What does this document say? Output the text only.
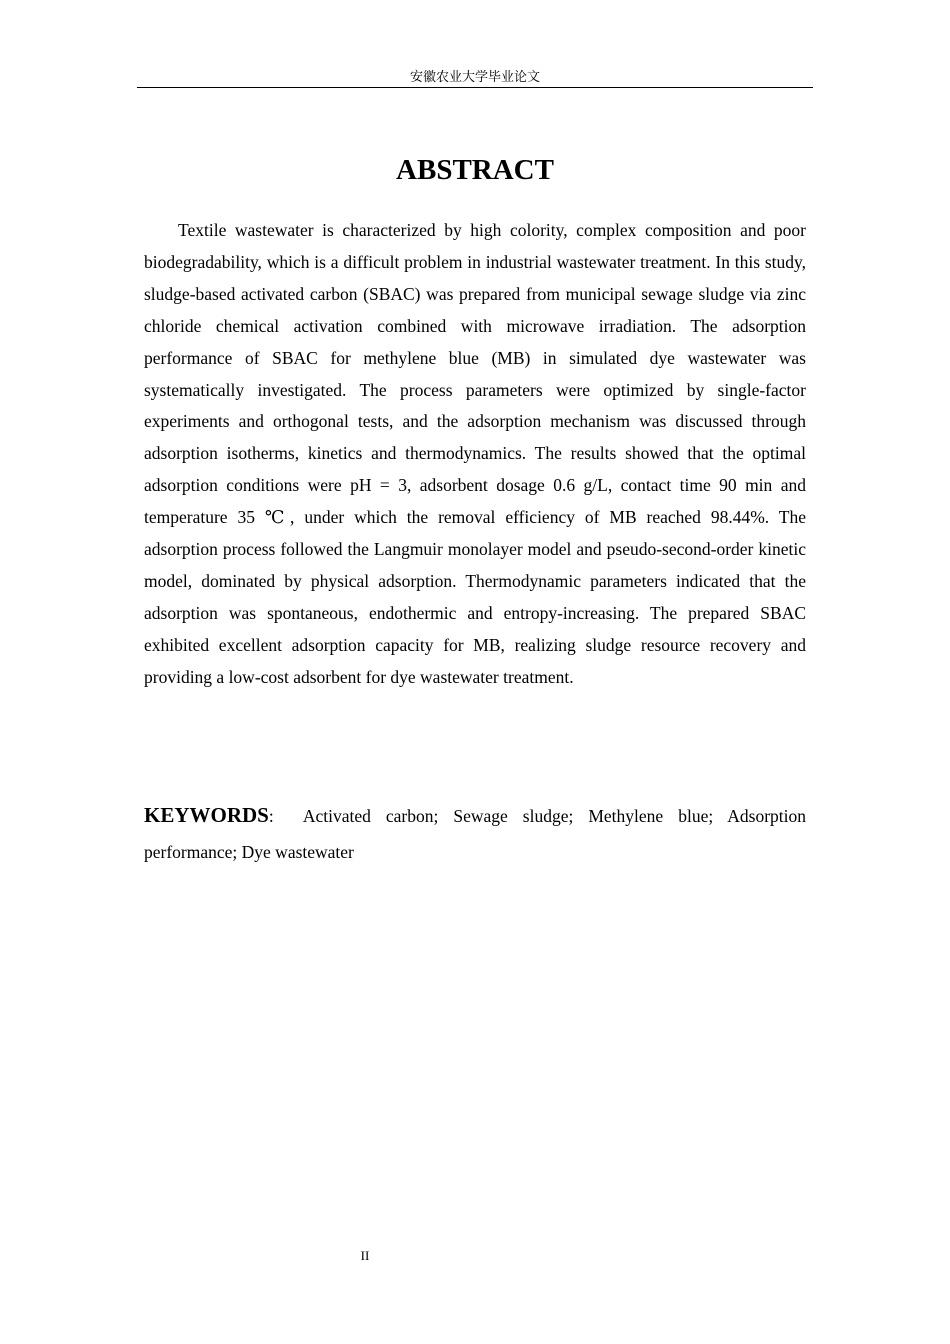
安徽农业大学毕业论文
ABSTRACT

Textile wastewater is characterized by high colority, complex composition and poor biodegradability, which is a difficult problem in industrial wastewater treatment. In this study, sludge-based activated carbon (SBAC) was prepared from municipal sewage sludge via zinc chloride chemical activation combined with microwave irradiation. The adsorption performance of SBAC for methylene blue (MB) in simulated dye wastewater was systematically investigated. The process parameters were optimized by single-factor experiments and orthogonal tests, and the adsorption mechanism was discussed through adsorption isotherms, kinetics and thermodynamics. The results showed that the optimal adsorption conditions were pH = 3, adsorbent dosage 0.6 g/L, contact time 90 min and temperature 35 ℃, under which the removal efficiency of MB reached 98.44%. The adsorption process followed the Langmuir monolayer model and pseudo-second-order kinetic model, dominated by physical adsorption. Thermodynamic parameters indicated that the adsorption was spontaneous, endothermic and entropy-increasing. The prepared SBAC exhibited excellent adsorption capacity for MB, realizing sludge resource recovery and providing a low-cost adsorbent for dye wastewater treatment.

KEYWORDS: Activated carbon; Sewage sludge; Methylene blue; Adsorption performance; Dye wastewater

II
